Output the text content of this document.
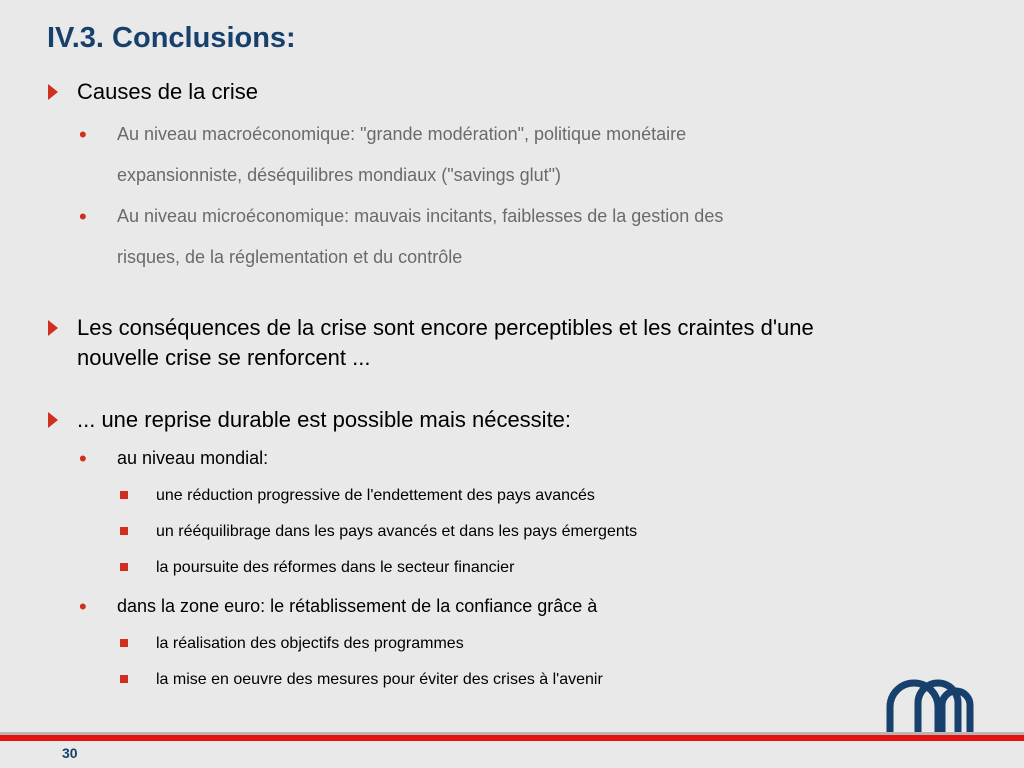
IV.3. Conclusions:
Causes de la crise
• Au niveau macroéconomique: "grande modération", politique monétaire
expansionniste, déséquilibres mondiaux ("savings glut")
• Au niveau microéconomique: mauvais incitants, faiblesses de la gestion des
risques, de la réglementation et du contrôle
Les conséquences de la crise sont encore perceptibles et les craintes d'une
nouvelle crise se renforcent ...
... une reprise durable est possible mais nécessite:
• au niveau mondial:
une réduction progressive de l'endettement des pays avancés
un rééquilibrage dans les pays avancés et dans les pays émergents
la poursuite des réformes dans le secteur financier
• dans la zone euro: le rétablissement de la confiance grâce à
la réalisation des objectifs des programmes
la mise en oeuvre des mesures pour éviter des crises à l'avenir
30
